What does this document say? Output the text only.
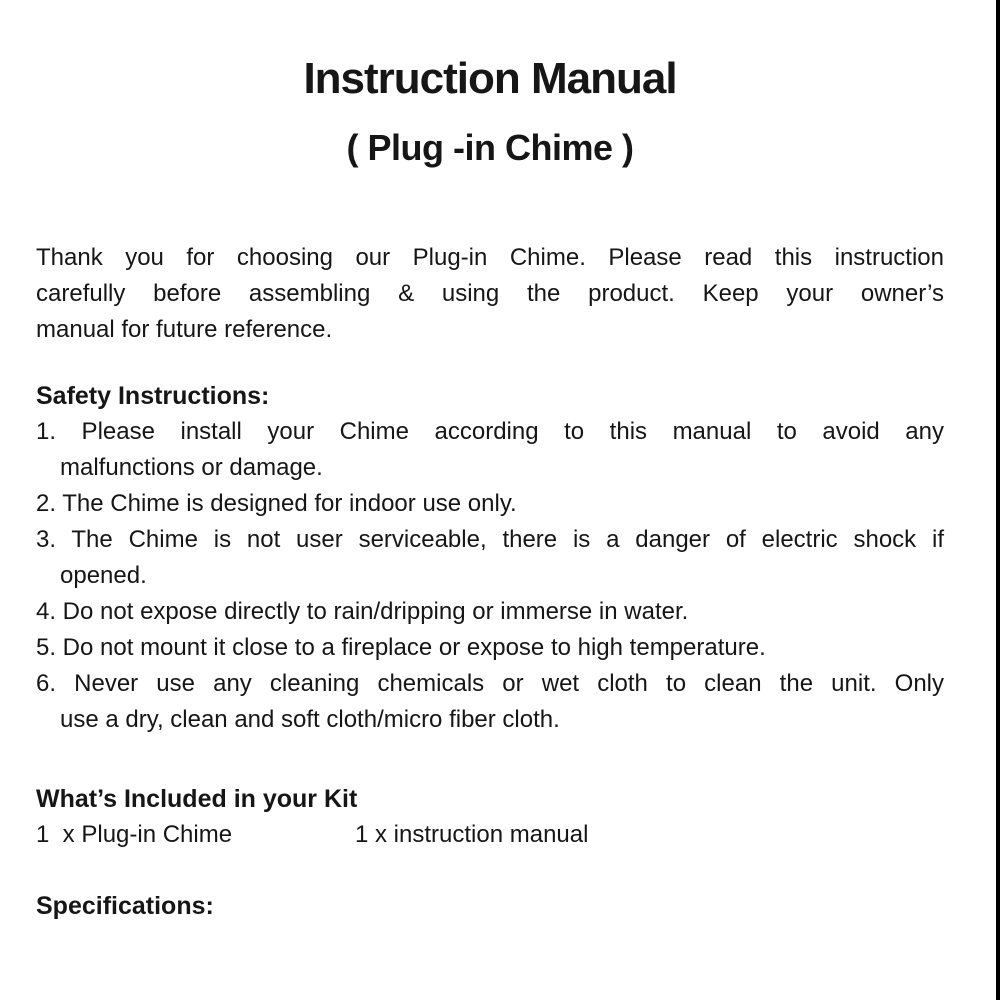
Instruction Manual
( Plug -in Chime )
Thank you for choosing our Plug-in Chime. Please read this instruction
carefully before assembling & using the product. Keep your owner’s
manual for future reference.
Safety Instructions:
1. Please install your Chime according to this manual to avoid any
malfunctions or damage.
2. The Chime is designed for indoor use only.
3. The Chime is not user serviceable, there is a danger of electric shock if
opened.
4. Do not expose directly to rain/dripping or immerse in water.
5. Do not mount it close to a fireplace or expose to high temperature.
6. Never use any cleaning chemicals or wet cloth to clean the unit. Only
use a dry, clean and soft cloth/micro fiber cloth.
What’s Included in your Kit
1  x Plug-in Chime	1 x instruction manual
Specifications:
